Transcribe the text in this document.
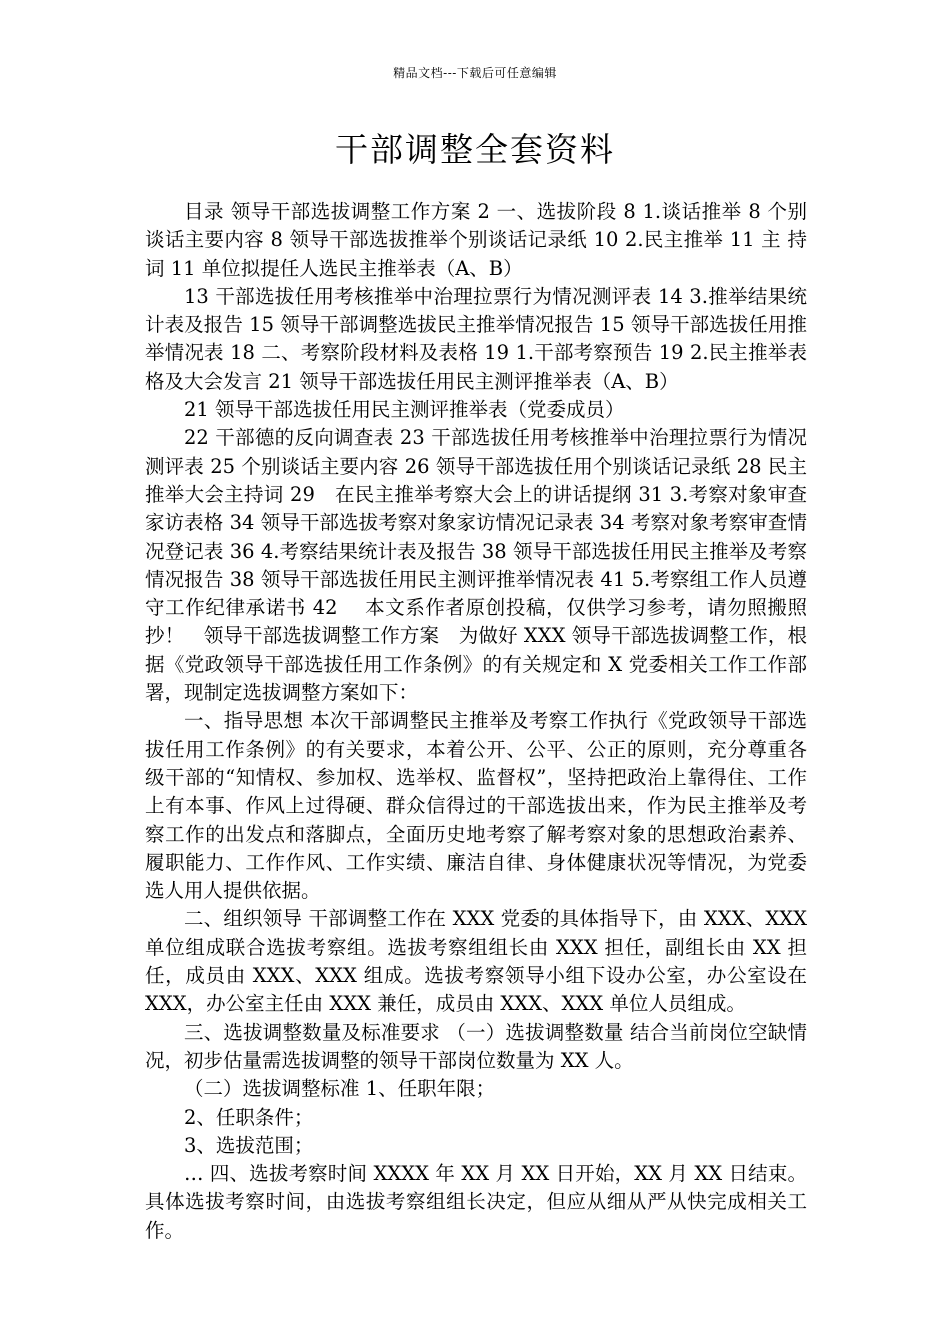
精品文档---下载后可任意编辑
干部调整全套资料

目录 领导干部选拔调整工作方案 2 一、选拔阶段 8 1.谈话推举 8 个别谈话主要内容 8 领导干部选拔推举个别谈话记录纸 10 2.民主推举 11 主 持 词 11 单位拟提任人选民主推举表（A、B）

13 干部选拔任用考核推举中治理拉票行为情况测评表 14 3.推举结果统计表及报告 15 领导干部调整选拔民主推举情况报告 15 领导干部选拔任用推举情况表 18 二、考察阶段材料及表格 19 1.干部考察预告 19 2.民主推举表格及大会发言 21 领导干部选拔任用民主测评推举表（A、B）

21 领导干部选拔任用民主测评推举表（党委成员）

22 干部德的反向调查表 23 干部选拔任用考核推举中治理拉票行为情况测评表 25 个别谈话主要内容 26 领导干部选拔任用个别谈话记录纸 28 民主推举大会主持词 29　在民主推举考察大会上的讲话提纲 31 3.考察对象审查家访表格 34 领导干部选拔考察对象家访情况记录表 34 考察对象考察审查情况登记表 36 4.考察结果统计表及报告 38 领导干部选拔任用民主推举及考察情况报告 38 领导干部选拔任用民主测评推举情况表 41 5.考察组工作人员遵守工作纪律承诺书 42　 本文系作者原创投稿，仅供学习参考，请勿照搬照抄！　领导干部选拔调整工作方案　为做好 XXX 领导干部选拔调整工作，根据《党政领导干部选拔任用工作条例》的有关规定和 X 党委相关工作工作部署，现制定选拔调整方案如下：

一、指导思想 本次干部调整民主推举及考察工作执行《党政领导干部选拔任用工作条例》的有关要求，本着公开、公平、公正的原则，充分尊重各级干部的“知情权、参加权、选举权、监督权”，坚持把政治上靠得住、工作上有本事、作风上过得硬、群众信得过的干部选拔出来，作为民主推举及考察工作的出发点和落脚点，全面历史地考察了解考察对象的思想政治素养、履职能力、工作作风、工作实绩、廉洁自律、身体健康状况等情况，为党委选人用人提供依据。

二、组织领导 干部调整工作在 XXX 党委的具体指导下，由 XXX、XXX 单位组成联合选拔考察组。选拔考察组组长由 XXX 担任，副组长由 XX 担任，成员由 XXX、XXX 组成。选拔考察领导小组下设办公室，办公室设在 XXX，办公室主任由 XXX 兼任，成员由 XXX、XXX 单位人员组成。

三、选拔调整数量及标准要求 （一）选拔调整数量 结合当前岗位空缺情况，初步估量需选拔调整的领导干部岗位数量为 XX 人。

（二）选拔调整标准 1、任职年限；

2、任职条件；

3、选拔范围；

… 四、选拔考察时间 XXXX 年 XX 月 XX 日开始，XX 月 XX 日结束。具体选拔考察时间，由选拔考察组组长决定，但应从细从严从快完成相关工作。
